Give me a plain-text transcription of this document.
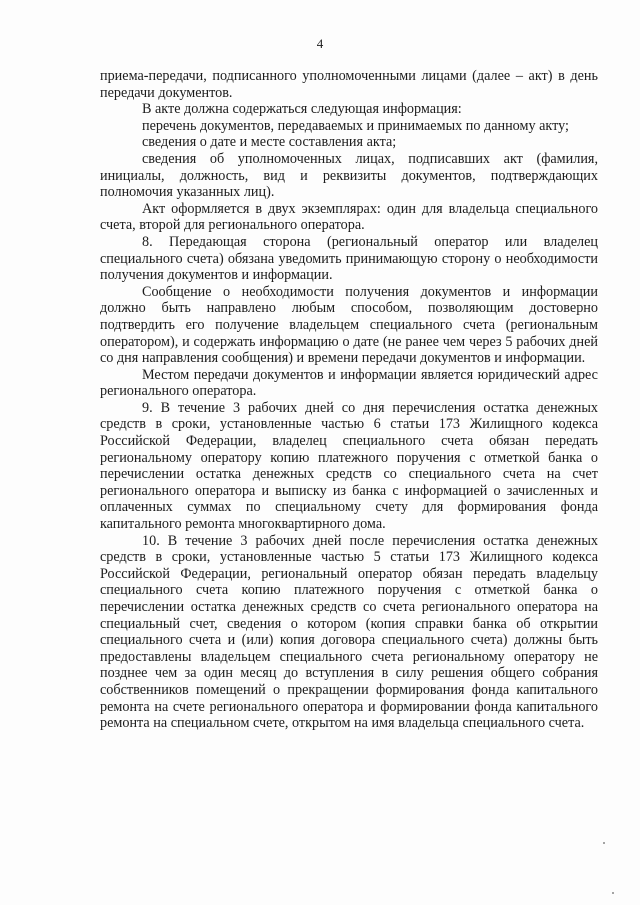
4

приема-передачи, подписанного уполномоченными лицами (далее – акт) в день передачи документов.

В акте должна содержаться следующая информация:

перечень документов, передаваемых и принимаемых по данному акту;

сведения о дате и месте составления акта;

сведения об уполномоченных лицах, подписавших акт (фамилия, инициалы, должность, вид и реквизиты документов, подтверждающих полномочия указанных лиц).

Акт оформляется в двух экземплярах: один для владельца специального счета, второй для регионального оператора.

8. Передающая сторона (региональный оператор или владелец специального счета) обязана уведомить принимающую сторону о необходимости получения документов и информации.

Сообщение о необходимости получения документов и информации должно быть направлено любым способом, позволяющим достоверно подтвердить его получение владельцем специального счета (региональным оператором), и содержать информацию о дате (не ранее чем через 5 рабочих дней со дня направления сообщения) и времени передачи документов и информации.

Местом передачи документов и информации является юридический адрес регионального оператора.

9. В течение 3 рабочих дней со дня перечисления остатка денежных средств в сроки, установленные частью 6 статьи 173 Жилищного кодекса Российской Федерации, владелец специального счета обязан передать региональному оператору копию платежного поручения с отметкой банка о перечислении остатка денежных средств со специального счета на счет регионального оператора и выписку из банка с информацией о зачисленных и оплаченных суммах по специальному счету для формирования фонда капитального ремонта многоквартирного дома.

10. В течение 3 рабочих дней после перечисления остатка денежных средств в сроки, установленные частью 5 статьи 173 Жилищного кодекса Российской Федерации, региональный оператор обязан передать владельцу специального счета копию платежного поручения с отметкой банка о перечислении остатка денежных средств со счета регионального оператора на специальный счет, сведения о котором (копия справки банка об открытии специального счета и (или) копия договора специального счета) должны быть предоставлены владельцем специального счета региональному оператору не позднее чем за один месяц до вступления в силу решения общего собрания собственников помещений о прекращении формирования фонда капитального ремонта на счете регионального оператора и формировании фонда капитального ремонта на специальном счете, открытом на имя владельца специального счета.
